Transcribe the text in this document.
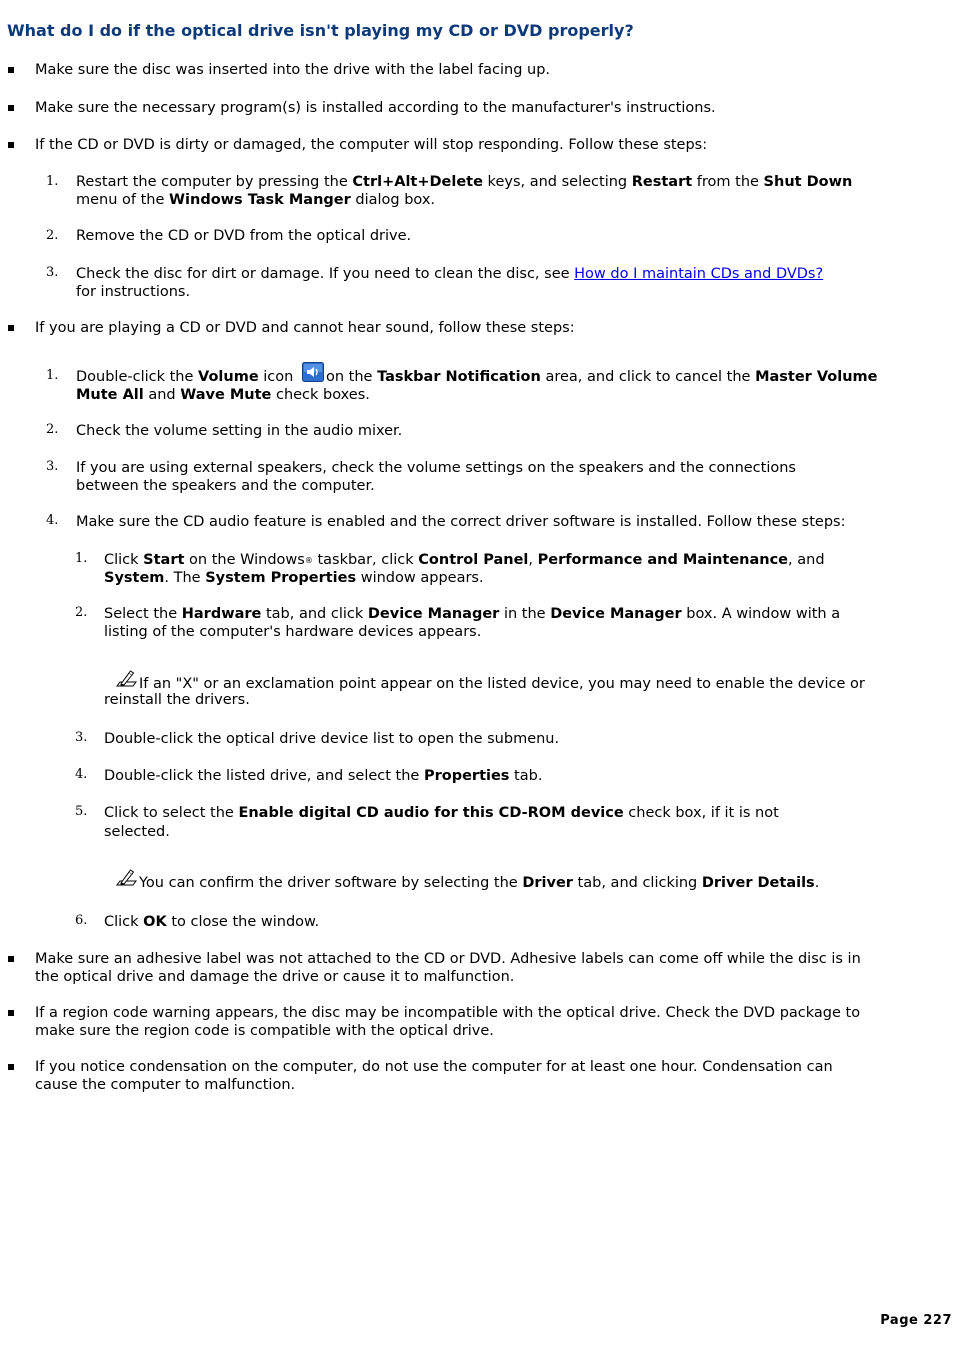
What do I do if the optical drive isn't playing my CD or DVD properly?
Make sure the disc was inserted into the drive with the label facing up.
Make sure the necessary program(s) is installed according to the manufacturer's instructions.
If the CD or DVD is dirty or damaged, the computer will stop responding. Follow these steps:
1. Restart the computer by pressing the Ctrl+Alt+Delete keys, and selecting Restart from the Shut Down
menu of the Windows Task Manger dialog box.
2. Remove the CD or DVD from the optical drive.
3. Check the disc for dirt or damage. If you need to clean the disc, see How do I maintain CDs and DVDs?
for instructions.
If you are playing a CD or DVD and cannot hear sound, follow these steps:
1. Double-click the Volume icon on the Taskbar Notification area, and click to cancel the Master Volume
Mute All and Wave Mute check boxes.
2. Check the volume setting in the audio mixer.
3. If you are using external speakers, check the volume settings on the speakers and the connections
between the speakers and the computer.
4. Make sure the CD audio feature is enabled and the correct driver software is installed. Follow these steps:
1. Click Start on the Windows® taskbar, click Control Panel, Performance and Maintenance, and
System. The System Properties window appears.
2. Select the Hardware tab, and click Device Manager in the Device Manager box. A window with a
listing of the computer's hardware devices appears.
If an "X" or an exclamation point appear on the listed device, you may need to enable the device or
reinstall the drivers.
3. Double-click the optical drive device list to open the submenu.
4. Double-click the listed drive, and select the Properties tab.
5. Click to select the Enable digital CD audio for this CD-ROM device check box, if it is not
selected.
You can confirm the driver software by selecting the Driver tab, and clicking Driver Details.
6. Click OK to close the window.
Make sure an adhesive label was not attached to the CD or DVD. Adhesive labels can come off while the disc is in
the optical drive and damage the drive or cause it to malfunction.
If a region code warning appears, the disc may be incompatible with the optical drive. Check the DVD package to
make sure the region code is compatible with the optical drive.
If you notice condensation on the computer, do not use the computer for at least one hour. Condensation can
cause the computer to malfunction.
Page 227
